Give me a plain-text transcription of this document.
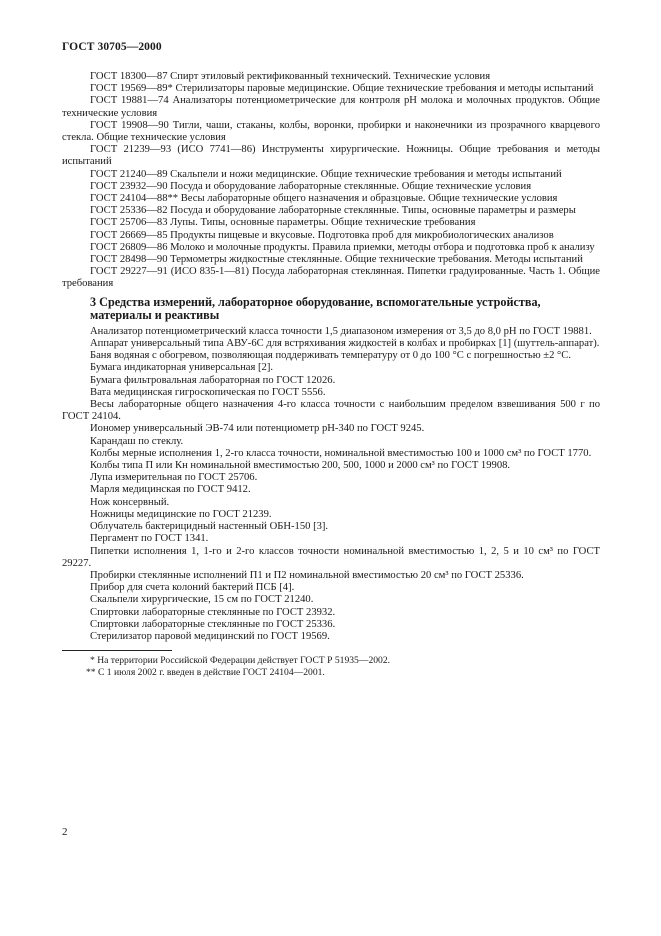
ГОСТ 30705—2000

ГОСТ 18300—87 Спирт этиловый ректификованный технический. Технические условия

ГОСТ 19569—89* Стерилизаторы паровые медицинские. Общие технические требования и методы испытаний

ГОСТ 19881—74 Анализаторы потенциометрические для контроля pH молока и молочных продуктов. Общие технические условия

ГОСТ 19908—90 Тигли, чаши, стаканы, колбы, воронки, пробирки и наконечники из прозрачного кварцевого стекла. Общие технические условия

ГОСТ 21239—93 (ИСО 7741—86) Инструменты хирургические. Ножницы. Общие требования и методы испытаний

ГОСТ 21240—89 Скальпели и ножи медицинские. Общие технические требования и методы испытаний

ГОСТ 23932—90 Посуда и оборудование лабораторные стеклянные. Общие технические условия

ГОСТ 24104—88** Весы лабораторные общего назначения и образцовые. Общие технические условия

ГОСТ 25336—82 Посуда и оборудование лабораторные стеклянные. Типы, основные параметры и размеры

ГОСТ 25706—83 Лупы. Типы, основные параметры. Общие технические требования

ГОСТ 26669—85 Продукты пищевые и вкусовые. Подготовка проб для микробиологических анализов

ГОСТ 26809—86 Молоко и молочные продукты. Правила приемки, методы отбора и подготовка проб к анализу

ГОСТ 28498—90 Термометры жидкостные стеклянные. Общие технические требования. Методы испытаний

ГОСТ 29227—91 (ИСО 835-1—81) Посуда лабораторная стеклянная. Пипетки градуированные. Часть 1. Общие требования

3 Средства измерений, лабораторное оборудование, вспомогательные устройства, материалы и реактивы

Анализатор потенциометрический класса точности 1,5 диапазоном измерения от 3,5 до 8,0 pH по ГОСТ 19881.

Аппарат универсальный типа АВУ-6С для встряхивания жидкостей в колбах и пробирках [1] (шуттель-аппарат).

Баня водяная с обогревом, позволяющая поддерживать температуру от 0 до 100 °С с погрешностью ±2 °С.

Бумага индикаторная универсальная [2].

Бумага фильтровальная лабораторная по ГОСТ 12026.

Вата медицинская гигроскопическая по ГОСТ 5556.

Весы лабораторные общего назначения 4-го класса точности с наибольшим пределом взвешивания 500 г по ГОСТ 24104.

Иономер универсальный ЭВ-74 или потенциометр pH-340 по ГОСТ 9245.

Карандаш по стеклу.

Колбы мерные исполнения 1, 2-го класса точности, номинальной вместимостью 100 и 1000 см³ по ГОСТ 1770.

Колбы типа П или Кн номинальной вместимостью 200, 500, 1000 и 2000 см³ по ГОСТ 19908.

Лупа измерительная по ГОСТ 25706.

Марля медицинская по ГОСТ 9412.

Нож консервный.

Ножницы медицинские по ГОСТ 21239.

Облучатель бактерицидный настенный ОБН-150 [3].

Пергамент по ГОСТ 1341.

Пипетки исполнения 1, 1-го и 2-го классов точности номинальной вместимостью 1, 2, 5 и 10 см³ по ГОСТ 29227.

Пробирки стеклянные исполнений П1 и П2 номинальной вместимостью 20 см³ по ГОСТ 25336.

Прибор для счета колоний бактерий ПСБ [4].

Скальпели хирургические, 15 см по ГОСТ 21240.

Спиртовки лабораторные стеклянные по ГОСТ 23932.

Спиртовки лабораторные стеклянные по ГОСТ 25336.

Стерилизатор паровой медицинский по ГОСТ 19569.

* На территории Российской Федерации действует ГОСТ Р 51935—2002.

** С 1 июля 2002 г. введен в действие ГОСТ 24104—2001.

2
